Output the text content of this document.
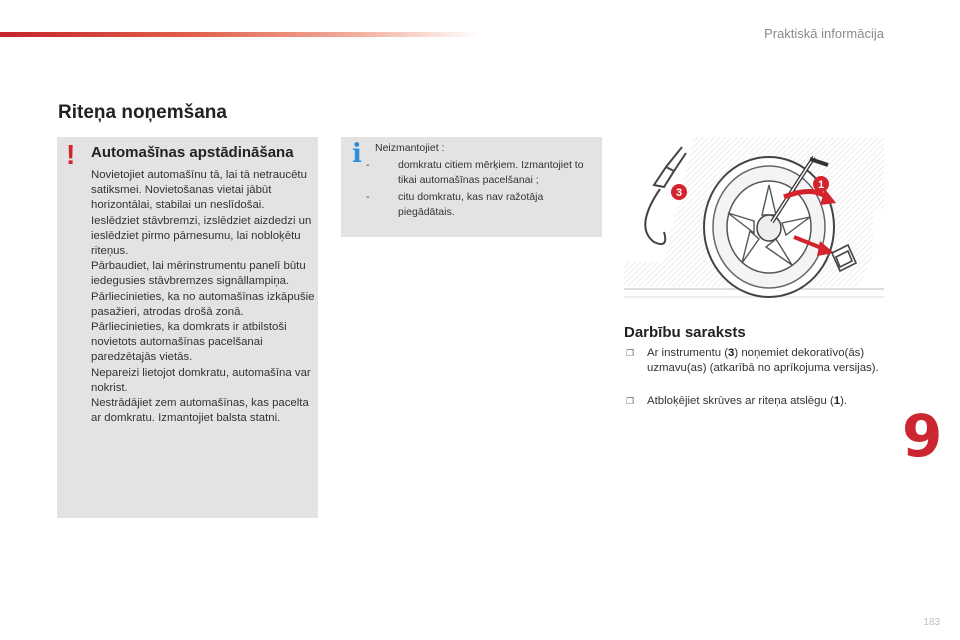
Praktiskā informācija
Riteņa noņemšana
! Automašīnas apstādināšana

Novietojiet automašīnu tā, lai tā netraucētu satiksmei. Novietošanas vietai jābūt horizontālai, stabilai un neslīdošai.

Ieslēdziet stāvbremzi, izslēdziet aizdedzi un ieslēdziet pirmo pārnesumu, lai nobloķētu riteņus.

Pārbaudiet, lai mērinstrumentu panelī būtu iedegusies stāvbremzes signāllampiņa.

Pārliecinieties, ka no automašīnas izkāpušie pasažieri, atrodas drošā zonā.

Pārliecinieties, ka domkrats ir atbilstoši novietots automašīnas pacelšanai paredzētajās vietās.

Nepareizi lietojot domkratu, automašīna var nokrist.

Nestrādājiet zem automašīnas, kas pacelta ar domkratu. Izmantojiet balsta statni.

i Neizmantojiet :
-	domkratu citiem mērķiem. Izmantojiet to tikai automašīnas pacelšanai ;
-	citu domkratu, kas nav ražotāja piegādātais.
3
1
Darbību saraksts
❐	Ar instrumentu (3) noņemiet dekoratīvo(ās) uzmavu(as) (atkarībā no aprīkojuma versijas).
❐	Atbloķējiet skrūves ar riteņa atslēgu (1).
9
183
